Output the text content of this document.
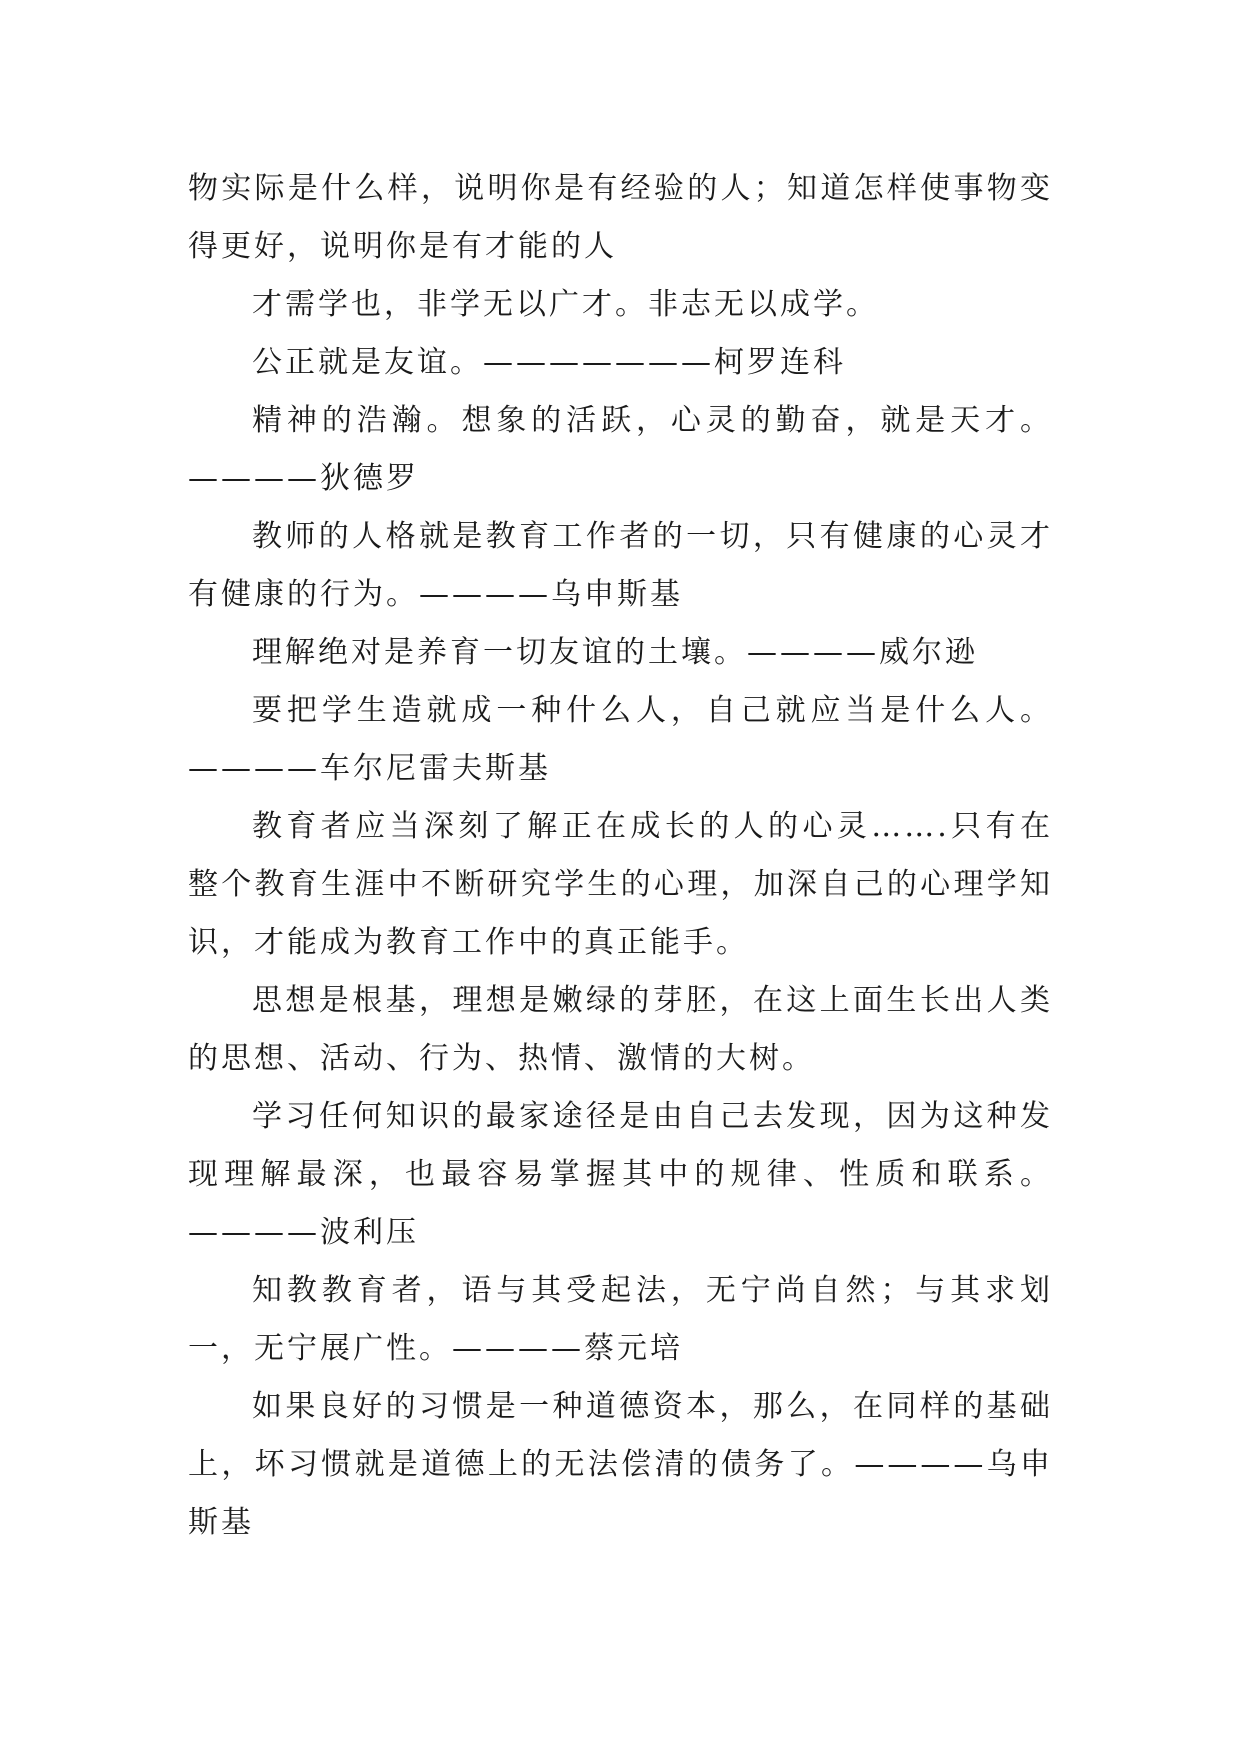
物实际是什么样，说明你是有经验的人；知道怎样使事物变得更好，说明你是有才能的人

才需学也，非学无以广才。非志无以成学。

公正就是友谊。———————柯罗连科

精神的浩瀚。想象的活跃，心灵的勤奋，就是天才。————狄德罗

教师的人格就是教育工作者的一切，只有健康的心灵才有健康的行为。————乌申斯基

理解绝对是养育一切友谊的土壤。————威尔逊

要把学生造就成一种什么人，自己就应当是什么人。————车尔尼雷夫斯基

教育者应当深刻了解正在成长的人的心灵…….只有在整个教育生涯中不断研究学生的心理，加深自己的心理学知识，才能成为教育工作中的真正能手。

思想是根基，理想是嫩绿的芽胚，在这上面生长出人类的思想、活动、行为、热情、激情的大树。

学习任何知识的最家途径是由自己去发现，因为这种发现理解最深，也最容易掌握其中的规律、性质和联系。————波利压

知教教育者，语与其受起法，无宁尚自然；与其求划一，无宁展广性。————蔡元培

如果良好的习惯是一种道德资本，那么，在同样的基础上，坏习惯就是道德上的无法偿清的债务了。————乌申斯基
